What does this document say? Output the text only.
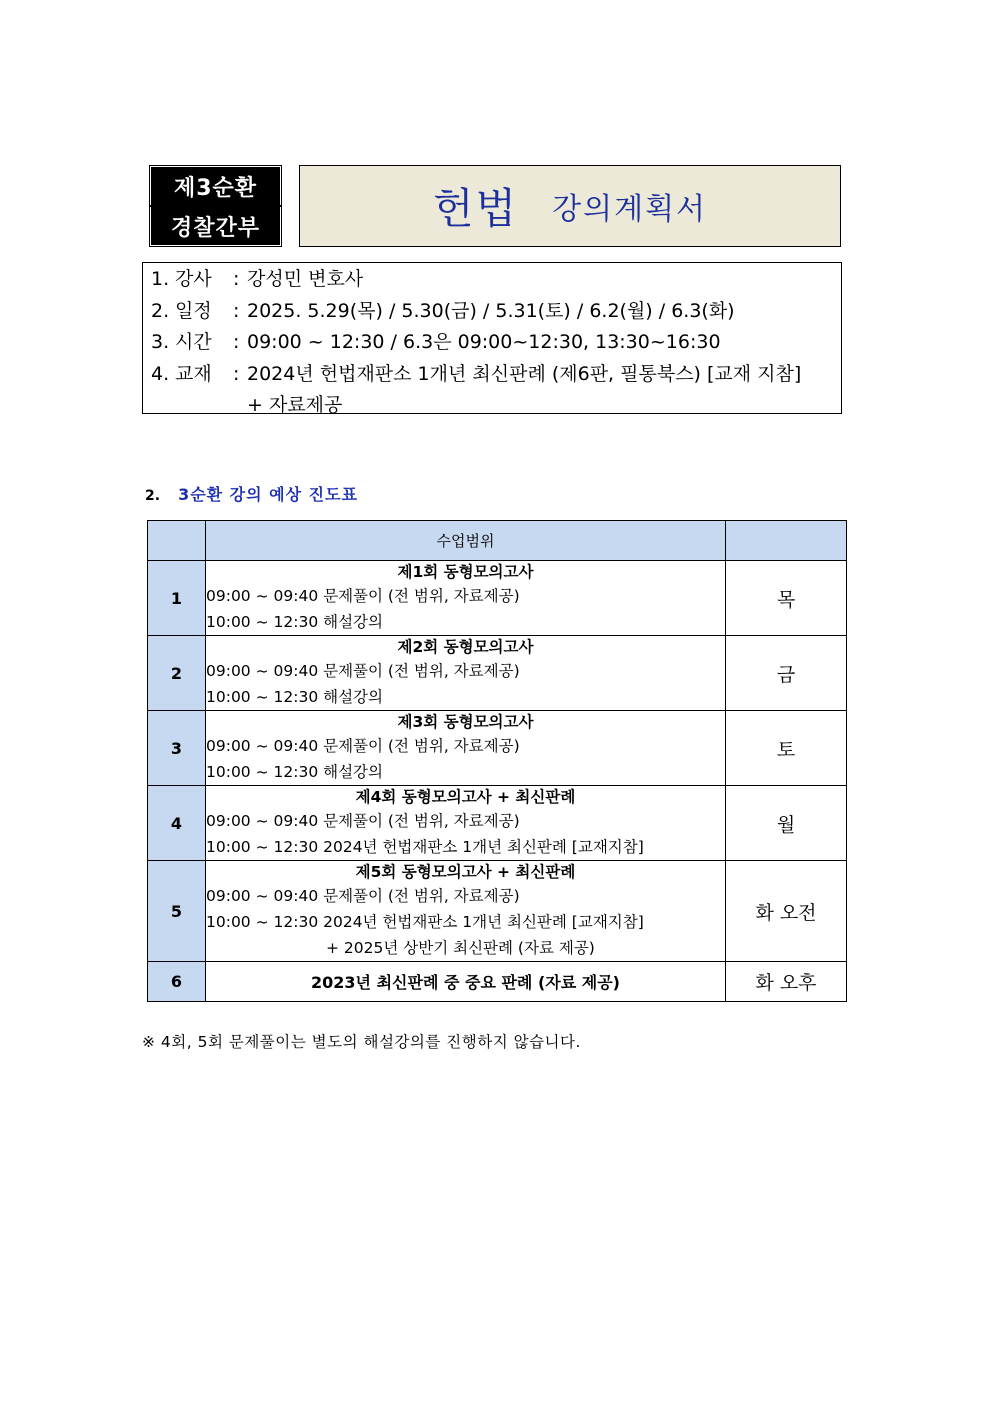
제3순환
경찰간부	헌법 강의계획서
1. 강사	: 강성민 변호사
2. 일정	: 2025. 5.29(목) / 5.30(금) / 5.31(토) / 6.2(월) / 6.3(화)
3. 시간	: 09:00 ~ 12:30 / 6.3은 09:00~12:30, 13:30~16:30
4. 교재	: 2024년 헌법재판소 1개년 최신판례 (제6판, 필통북스) [교재 지참]
+ 자료제공
2. 3순환 강의 예상 진도표
	수업범위	
1	제1회 동형모의고사
09:00 ~ 09:40 문제풀이 (전 범위, 자료제공)
10:00 ~ 12:30 해설강의	목
2	제2회 동형모의고사
09:00 ~ 09:40 문제풀이 (전 범위, 자료제공)
10:00 ~ 12:30 해설강의	금
3	제3회 동형모의고사
09:00 ~ 09:40 문제풀이 (전 범위, 자료제공)
10:00 ~ 12:30 해설강의	토
4	제4회 동형모의고사 + 최신판례
09:00 ~ 09:40 문제풀이 (전 범위, 자료제공)
10:00 ~ 12:30 2024년 헌법재판소 1개년 최신판례 [교재지참]	월
5	제5회 동형모의고사 + 최신판례
09:00 ~ 09:40 문제풀이 (전 범위, 자료제공)
10:00 ~ 12:30 2024년 헌법재판소 1개년 최신판례 [교재지참]
+ 2025년 상반기 최신판례 (자료 제공)	화 오전
6	2023년 최신판례 중 중요 판례 (자료 제공)	화 오후
※ 4회, 5회 문제풀이는 별도의 해설강의를 진행하지 않습니다.
